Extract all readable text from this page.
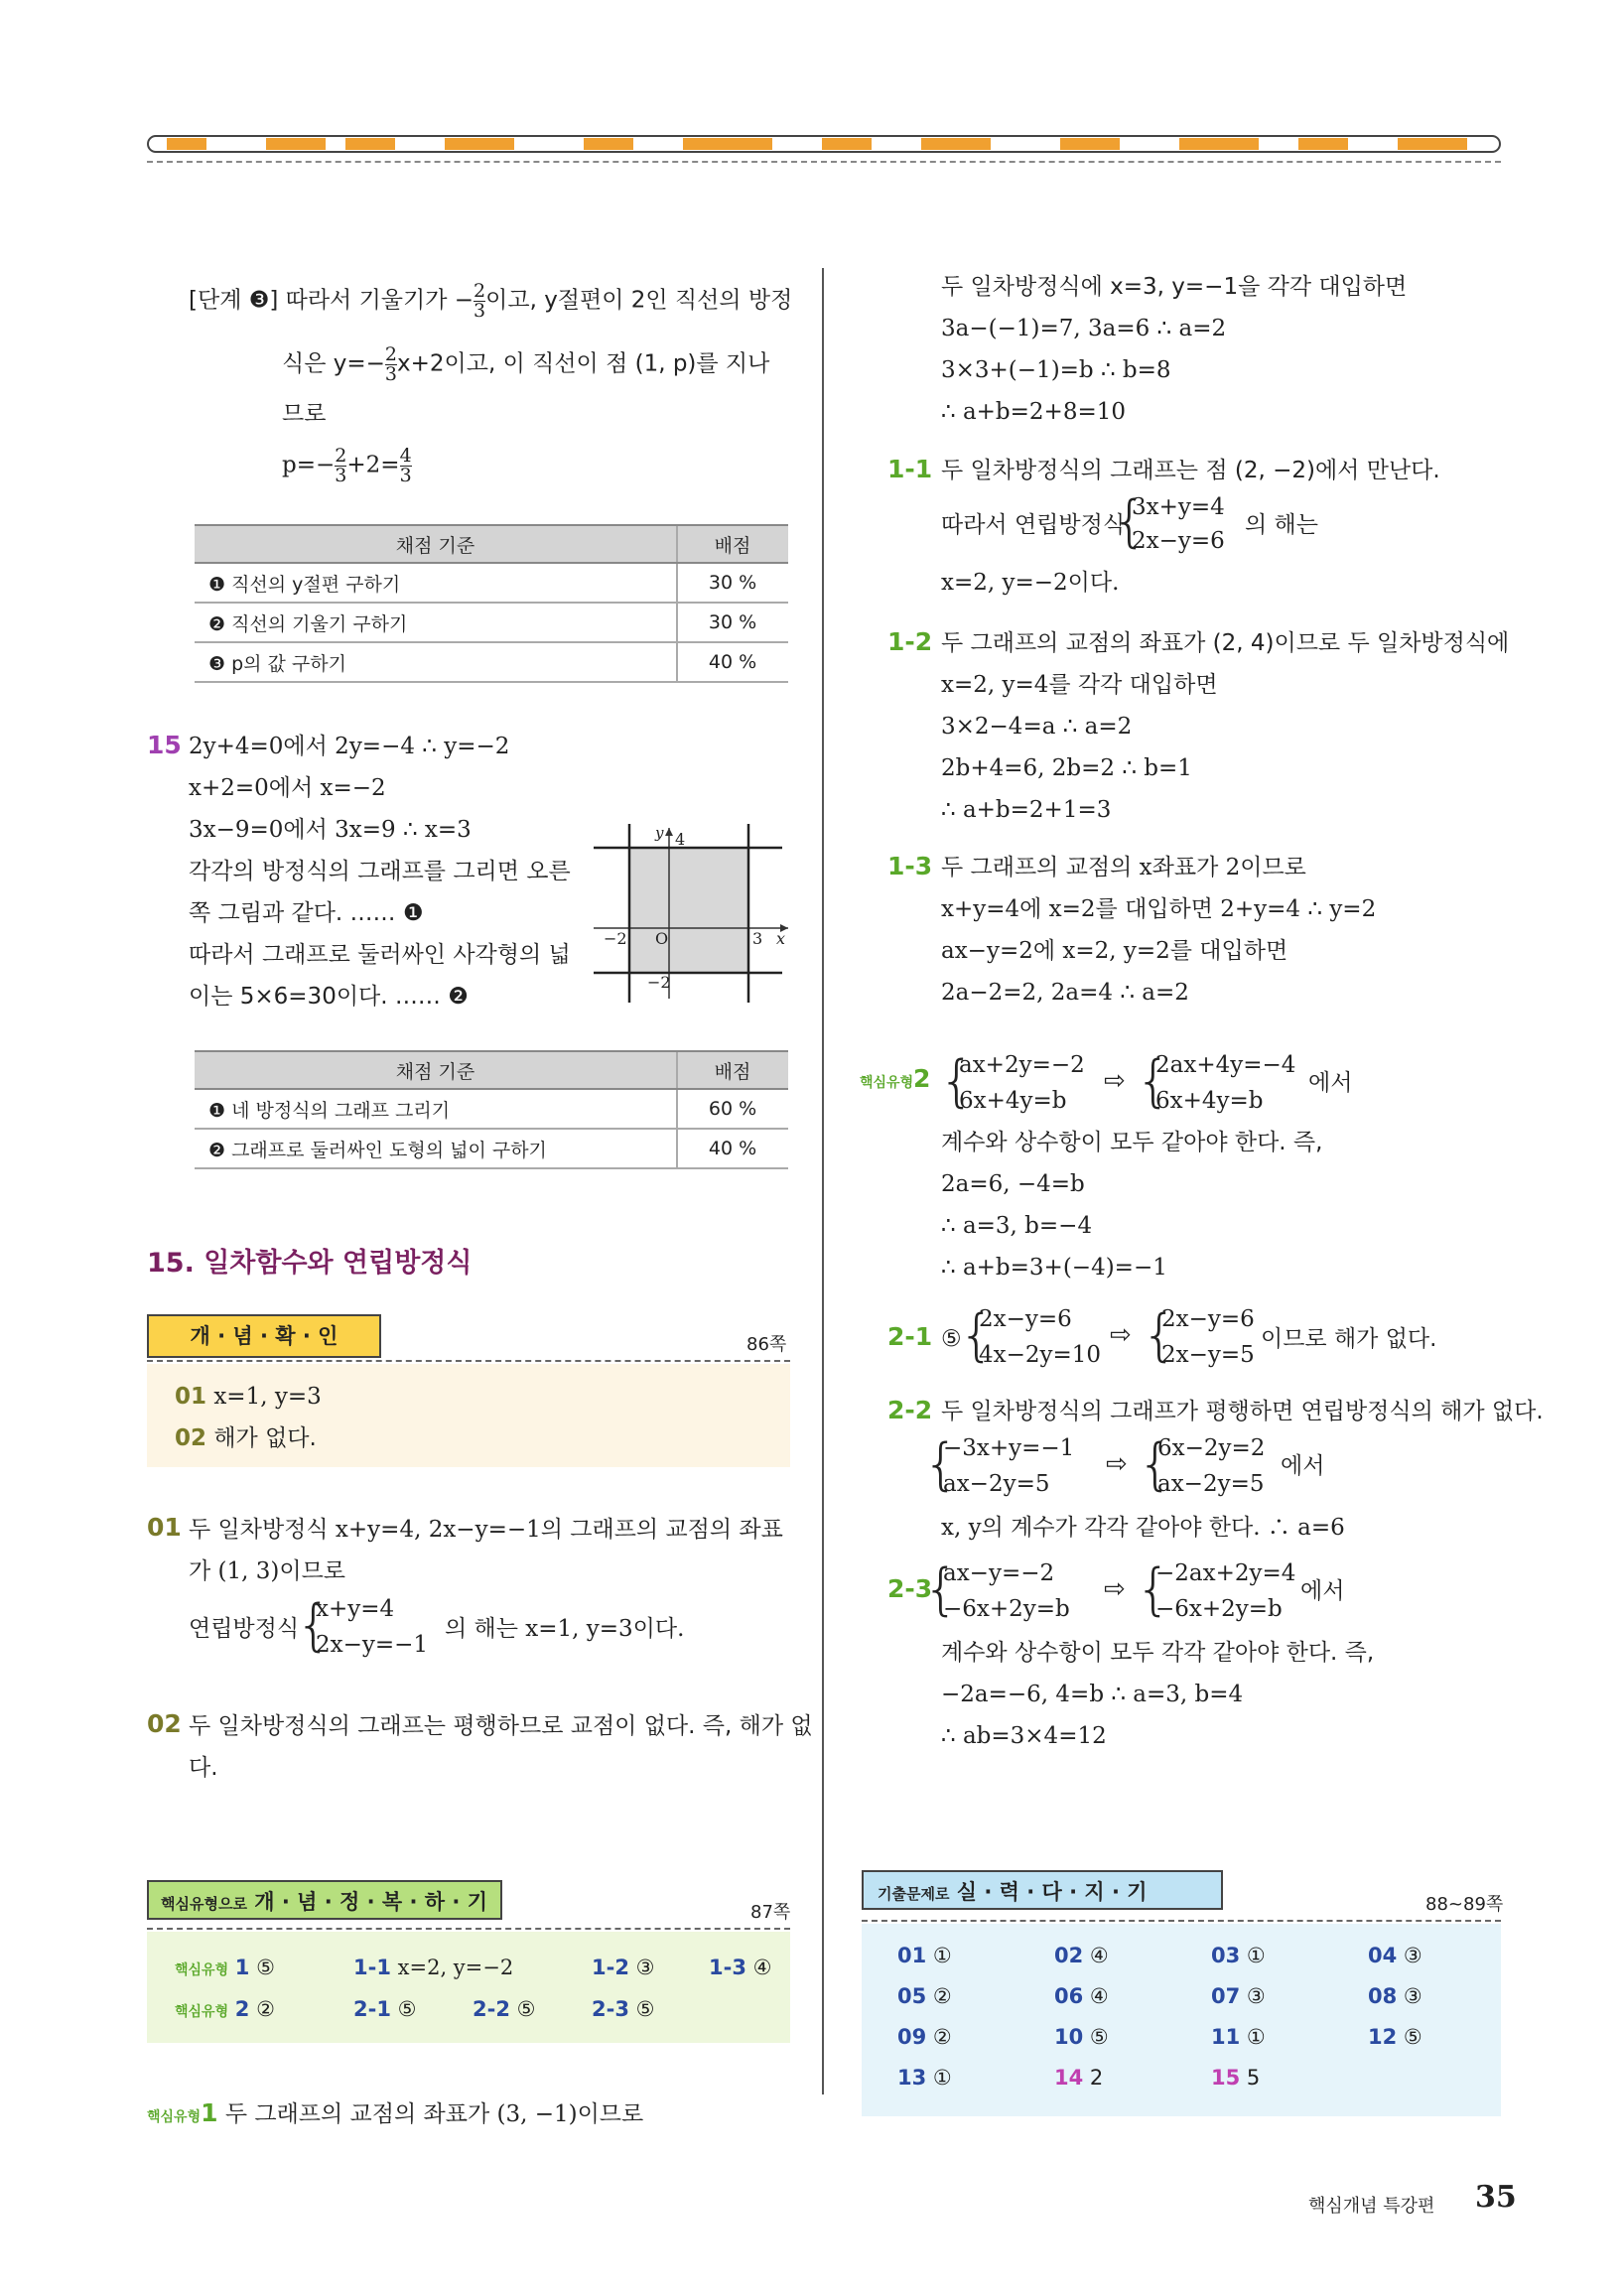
[단계 ❸] 따라서 기울기가 − $\frac{2}{3}$ 이고, y절편이 2인 직선의 방정
식은 $y=- \frac{2}{3} x+2$이고, 이 직선이 점 (1, p)를 지나
므로
$p=- \frac{2}{3} +2= \frac{4}{3}$
채점 기준	배점
❶ 직선의 y절편 구하기	30 %
❷ 직선의 기울기 구하기	30 %
❸ p의 값 구하기	40 %
15 2y+4=0에서 2y=−4 ∴ y=−2
x+2=0에서 x=−2
3x−9=0에서 3x=9 ∴ x=3
각각의 방정식의 그래프를 그리면 오른
쪽 그림과 같다. …… ❶
따라서 그래프로 둘러싸인 사각형의 넓
이는 5×6=30이다. …… ❷
y 4
−2 O	3 x
−2
채점 기준	배점
❶ 네 방정식의 그래프 그리기	60 %
❷ 그래프로 둘러싸인 도형의 넓이 구하기	40 %
15. 일차함수와 연립방정식
개 · 념 · 확 · 인	86쪽
01 x=1, y=3
02 해가 없다.
01 두 일차방정식 x+y=4, 2x−y=−1의 그래프의 교점의 좌표
가 (1, 3)이므로
연립방정식
{
x+y=4
2x−y=−1
의 해는 x=1, y=3이다.
02 두 일차방정식의 그래프는 평행하므로 교점이 없다. 즉, 해가 없
다.
핵심유형으로 개 · 념 · 정 · 복 · 하 · 기	87쪽
핵심유형 1 ⑤	1-1 x=2, y=−2	1-2 ③	1-3 ④
핵심유형 2 ②	2-1 ⑤	2-2 ⑤	2-3 ⑤
핵심유형1 두 그래프의 교점의 좌표가 (3, −1)이므로
두 일차방정식에 x=3, y=−1을 각각 대입하면
3a−(−1)=7, 3a=6 ∴ a=2
3×3+(−1)=b ∴ b=8
∴ a+b=2+8=10
1-1 두 일차방정식의 그래프는 점 (2, −2)에서 만난다.
따라서 연립방정식
{
3x+y=4
2x−y=6
의 해는
x=2, y=−2이다.
1-2 두 그래프의 교점의 좌표가 (2, 4)이므로 두 일차방정식에
x=2, y=4를 각각 대입하면
3×2−4=a ∴ a=2
2b+4=6, 2b=2 ∴ b=1
∴ a+b=2+1=3
1-3 두 그래프의 교점의 x좌표가 2이므로
x+y=4에 x=2를 대입하면 2+y=4 ∴ y=2
ax−y=2에 x=2, y=2를 대입하면
2a−2=2, 2a=4 ∴ a=2
핵심유형 2 {
ax+2y=−2
6x+4y=b
⇨ {
2ax+4y=−4
6x+4y=b
에서
계수와 상수항이 모두 같아야 한다. 즉,
2a=6, −4=b
∴ a=3, b=−4
∴ a+b=3+(−4)=−1
2-1 ⑤
{
2x−y=6
4x−2y=10
⇨ {
2x−y=6
2x−y=5
이므로 해가 없다.
2-2 두 일차방정식의 그래프가 평행하면 연립방정식의 해가 없다.
{
−3x+y=−1
ax−2y=5
⇨ {
6x−2y=2
ax−2y=5
에서
x, y의 계수가 각각 같아야 한다. ∴ a=6
2-3
{
ax−y=−2
−6x+2y=b
⇨ {
−2ax+2y=4
−6x+2y=b
에서
계수와 상수항이 모두 각각 같아야 한다. 즉,
−2a=−6, 4=b ∴ a=3, b=4
∴ ab=3×4=12
기출문제로 실 · 력 · 다 · 지 · 기
88~89쪽
01 ①	02 ④	03 ①	04 ③
05 ②	06 ④	07 ③	08 ③
09 ②	10 ⑤	11 ①	12 ⑤
13 ①	14 2	15 5
핵심개념 특강편 35
